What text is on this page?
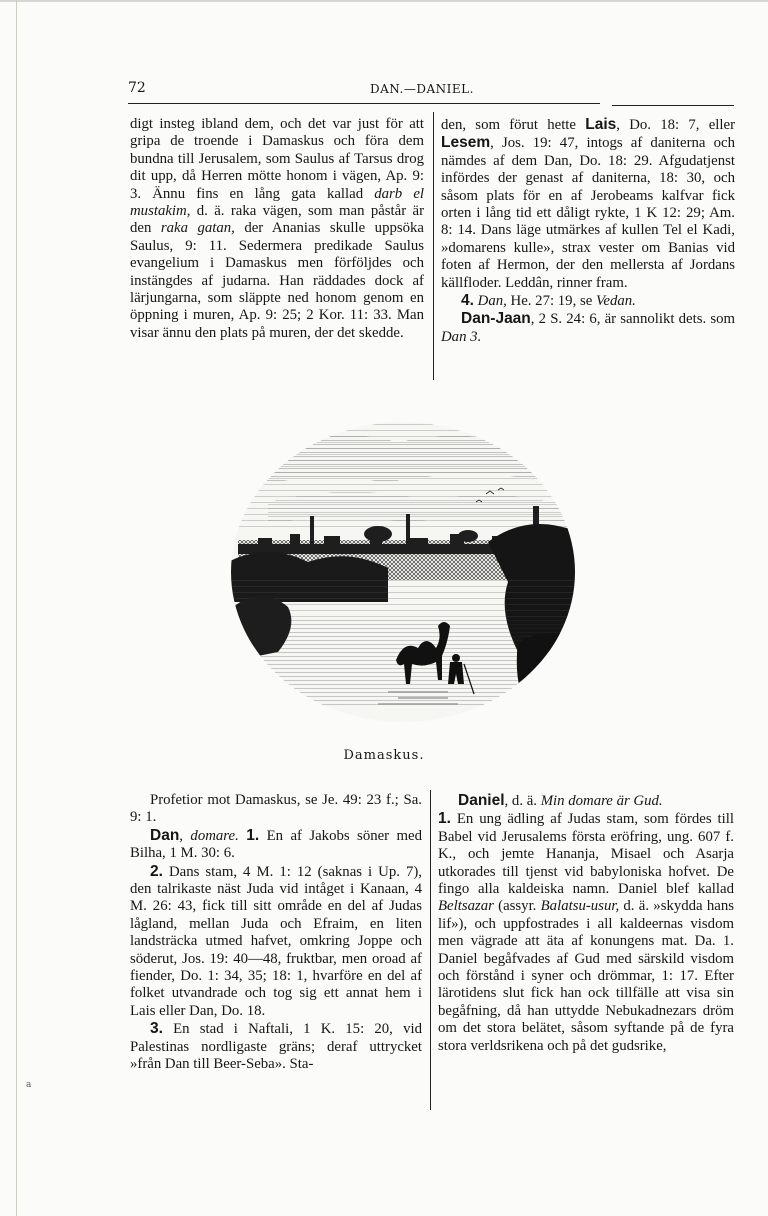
a
72	DAN.—DANIEL.

digt insteg ibland dem, och det var just för att gripa de troende i Damaskus och föra dem bundna till Jerusalem, som Saulus af Tarsus drog dit upp, då Herren mötte honom i vägen, Ap. 9: 3. Ännu fins en lång gata kallad darb el mustakim, d. ä. raka vägen, som man påstår är den raka gatan, der Ananias skulle uppsöka Saulus, 9: 11. Sedermera predikade Saulus evangelium i Damaskus men förföljdes och instängdes af judarna. Han räddades dock af lärjungarna, som släppte ned honom genom en öppning i muren, Ap. 9: 25; 2 Kor. 11: 33. Man visar ännu den plats på muren, der det skedde.

den, som förut hette Lais, Do. 18: 7, eller Lesem, Jos. 19: 47, intogs af daniterna och nämdes af dem Dan, Do. 18: 29. Afgudatjenst infördes der genast af daniterna, 18: 30, och såsom plats för en af Jerobeams kalfvar fick orten i lång tid ett dåligt rykte, 1 K 12: 29; Am. 8: 14. Dans läge utmärkes af kullen Tel el Kadi, »domarens kulle», strax vester om Banias vid foten af Hermon, der den mellersta af Jordans källfloder. Leddân, rinner fram.

4. Dan, He. 27: 19, se Vedan.

Dan-Jaan, 2 S. 24: 6, är sannolikt dets. som Dan 3.

Damaskus.

Profetior mot Damaskus, se Je. 49: 23 f.; Sa. 9: 1.

Dan, domare. 1. En af Jakobs söner med Bilha, 1 M. 30: 6.

2. Dans stam, 4 M. 1: 12 (saknas i Up. 7), den talrikaste näst Juda vid intåget i Kanaan, 4 M. 26: 43, fick till sitt område en del af Judas lågland, mellan Juda och Efraim, en liten landsträcka utmed hafvet, omkring Joppe och söderut, Jos. 19: 40—48, fruktbar, men oroad af fiender, Do. 1: 34, 35; 18: 1, hvarföre en del af folket utvandrade och tog sig ett annat hem i Lais eller Dan, Do. 18.

3. En stad i Naftali, 1 K. 15: 20, vid Palestinas nordligaste gräns; deraf uttrycket »från Dan till Beer-Seba». Sta-

Daniel, d. ä. Min domare är Gud.

1. En ung ädling af Judas stam, som fördes till Babel vid Jerusalems första eröfring, ung. 607 f. K., och jemte Hananja, Misael och Asarja utkorades till tjenst vid babyloniska hofvet. De fingo alla kaldeiska namn. Daniel blef kallad Beltsazar (assyr. Balatsu-usur, d. ä. »skydda hans lif»), och uppfostrades i all kaldeernas visdom men vägrade att äta af konungens mat. Da. 1. Daniel begåfvades af Gud med särskild visdom och förstånd i syner och drömmar, 1: 17. Efter lärotidens slut fick han ock tillfälle att visa sin begåfning, då han uttydde Nebukadnezars dröm om det stora belätet, såsom syftande på de fyra stora verldsrikena och på det gudsrike,
